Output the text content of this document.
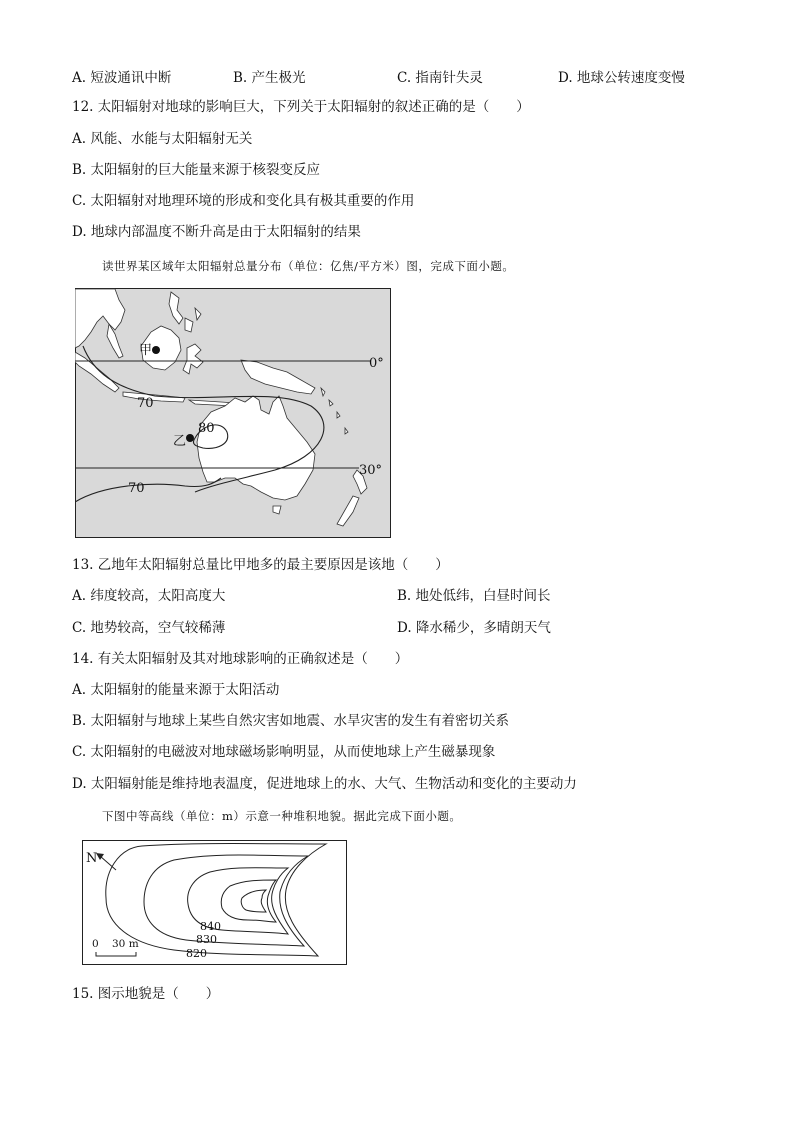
A. 短波通讯中断	B. 产生极光	C. 指南针失灵	D. 地球公转速度变慢
12. 太阳辐射对地球的影响巨大，下列关于太阳辐射的叙述正确的是（　　）
A. 风能、水能与太阳辐射无关
B. 太阳辐射的巨大能量来源于核裂变反应
C. 太阳辐射对地理环境的形成和变化具有极其重要的作用
D. 地球内部温度不断升高是由于太阳辐射的结果
读世界某区域年太阳辐射总量分布（单位：亿焦/平方米）图，完成下面小题。
甲
乙
0°
30°
70
80
70
13. 乙地年太阳辐射总量比甲地多的最主要原因是该地（　　）
A. 纬度较高，太阳高度大	B. 地处低纬，白昼时间长
C. 地势较高，空气较稀薄	D. 降水稀少，多晴朗天气
14. 有关太阳辐射及其对地球影响的正确叙述是（　　）
A. 太阳辐射的能量来源于太阳活动
B. 太阳辐射与地球上某些自然灾害如地震、水旱灾害的发生有着密切关系
C. 太阳辐射的电磁波对地球磁场影响明显，从而使地球上产生磁暴现象
D. 太阳辐射能是维持地表温度，促进地球上的水、大气、生物活动和变化的主要动力
下图中等高线（单位：m）示意一种堆积地貌。据此完成下面小题。
N
840
830
820
0 30 m
15. 图示地貌是（　　）
